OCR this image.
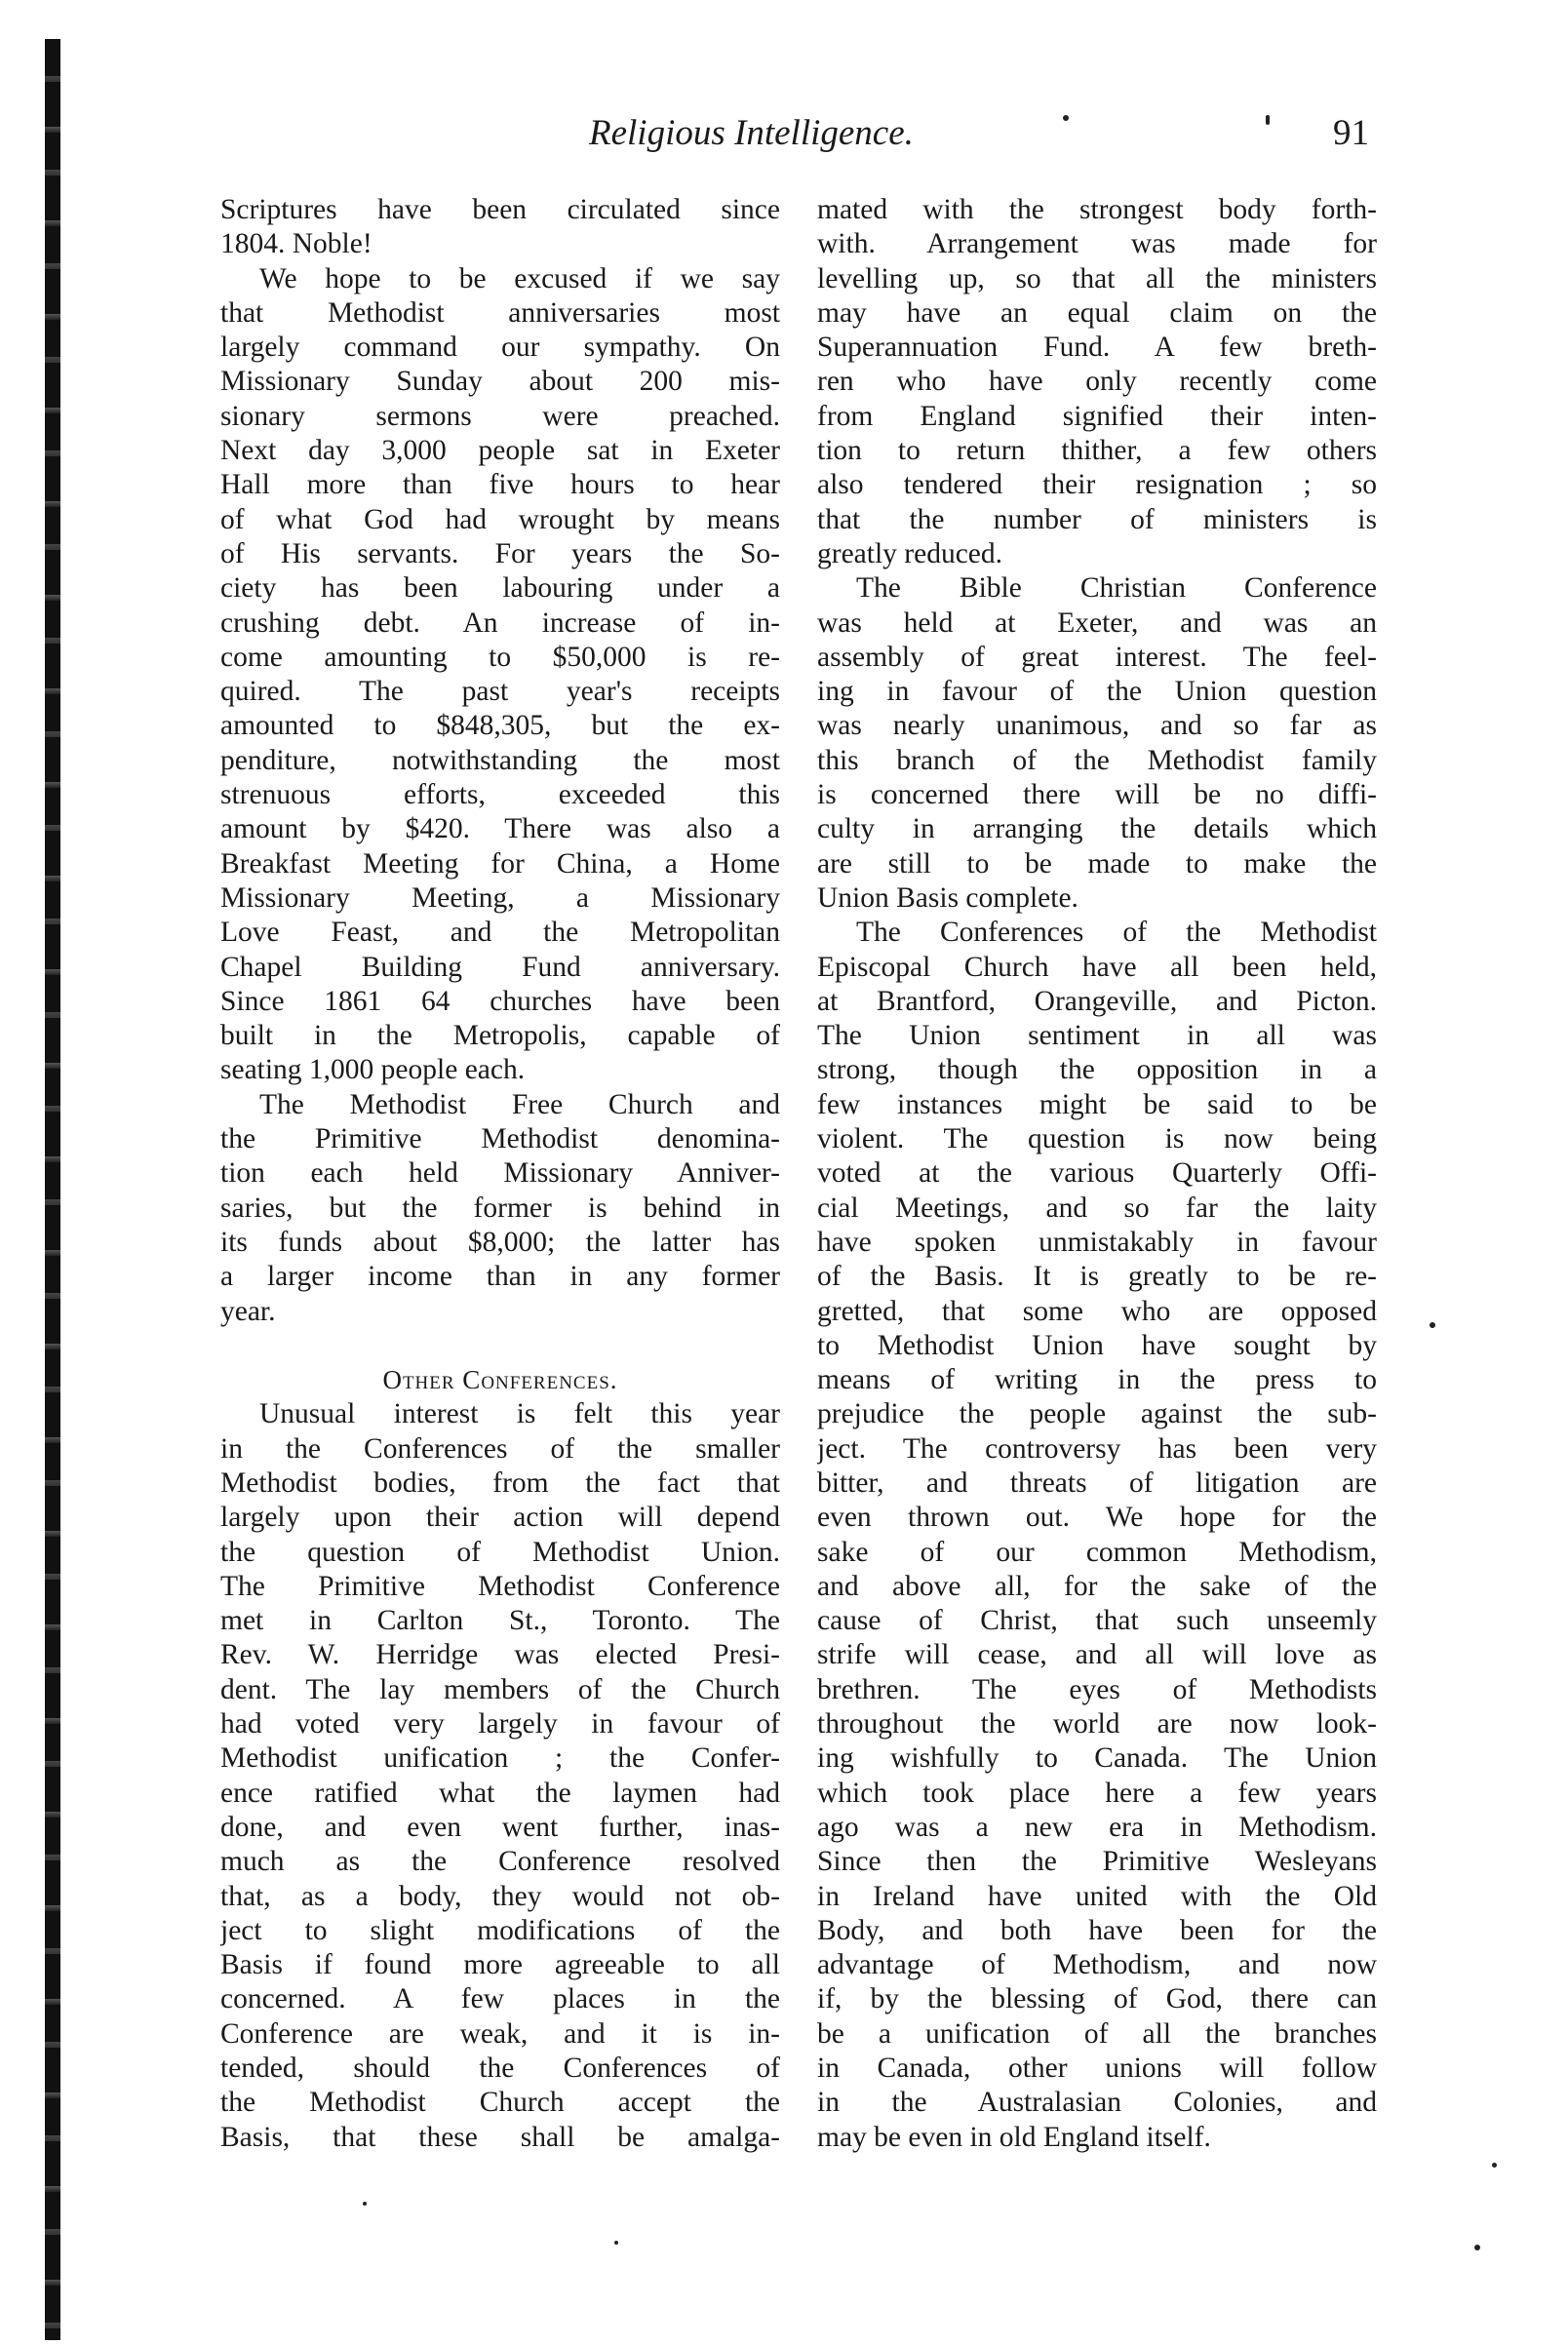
Religious Intelligence.	91
Scriptures have been circulated since
1804. Noble!
We hope to be excused if we say
that Methodist anniversaries most
largely command our sympathy. On
Missionary Sunday about 200 mis-
sionary sermons were preached.
Next day 3,000 people sat in Exeter
Hall more than five hours to hear
of what God had wrought by means
of His servants. For years the So-
ciety has been labouring under a
crushing debt. An increase of in-
come amounting to $50,000 is re-
quired. The past year's receipts
amounted to $848,305, but the ex-
penditure, notwithstanding the most
strenuous efforts, exceeded this
amount by $420. There was also a
Breakfast Meeting for China, a Home
Missionary Meeting, a Missionary
Love Feast, and the Metropolitan
Chapel Building Fund anniversary.
Since 1861 64 churches have been
built in the Metropolis, capable of
seating 1,000 people each.
The Methodist Free Church and
the Primitive Methodist denomina-
tion each held Missionary Anniver-
saries, but the former is behind in
its funds about $8,000; the latter has
a larger income than in any former
year.
Other Conferences.
Unusual interest is felt this year
in the Conferences of the smaller
Methodist bodies, from the fact that
largely upon their action will depend
the question of Methodist Union.
The Primitive Methodist Conference
met in Carlton St., Toronto. The
Rev. W. Herridge was elected Presi-
dent. The lay members of the Church
had voted very largely in favour of
Methodist unification ; the Confer-
ence ratified what the laymen had
done, and even went further, inas-
much as the Conference resolved
that, as a body, they would not ob-
ject to slight modifications of the
Basis if found more agreeable to all
concerned. A few places in the
Conference are weak, and it is in-
tended, should the Conferences of
the Methodist Church accept the
Basis, that these shall be amalga-
mated with the strongest body forth-
with. Arrangement was made for
levelling up, so that all the ministers
may have an equal claim on the
Superannuation Fund. A few breth-
ren who have only recently come
from England signified their inten-
tion to return thither, a few others
also tendered their resignation ; so
that the number of ministers is
greatly reduced.
The Bible Christian Conference
was held at Exeter, and was an
assembly of great interest. The feel-
ing in favour of the Union question
was nearly unanimous, and so far as
this branch of the Methodist family
is concerned there will be no diffi-
culty in arranging the details which
are still to be made to make the
Union Basis complete.
The Conferences of the Methodist
Episcopal Church have all been held,
at Brantford, Orangeville, and Picton.
The Union sentiment in all was
strong, though the opposition in a
few instances might be said to be
violent. The question is now being
voted at the various Quarterly Offi-
cial Meetings, and so far the laity
have spoken unmistakably in favour
of the Basis. It is greatly to be re-
gretted, that some who are opposed
to Methodist Union have sought by
means of writing in the press to
prejudice the people against the sub-
ject. The controversy has been very
bitter, and threats of litigation are
even thrown out. We hope for the
sake of our common Methodism,
and above all, for the sake of the
cause of Christ, that such unseemly
strife will cease, and all will love as
brethren. The eyes of Methodists
throughout the world are now look-
ing wishfully to Canada. The Union
which took place here a few years
ago was a new era in Methodism.
Since then the Primitive Wesleyans
in Ireland have united with the Old
Body, and both have been for the
advantage of Methodism, and now
if, by the blessing of God, there can
be a unification of all the branches
in Canada, other unions will follow
in the Australasian Colonies, and
may be even in old England itself.
